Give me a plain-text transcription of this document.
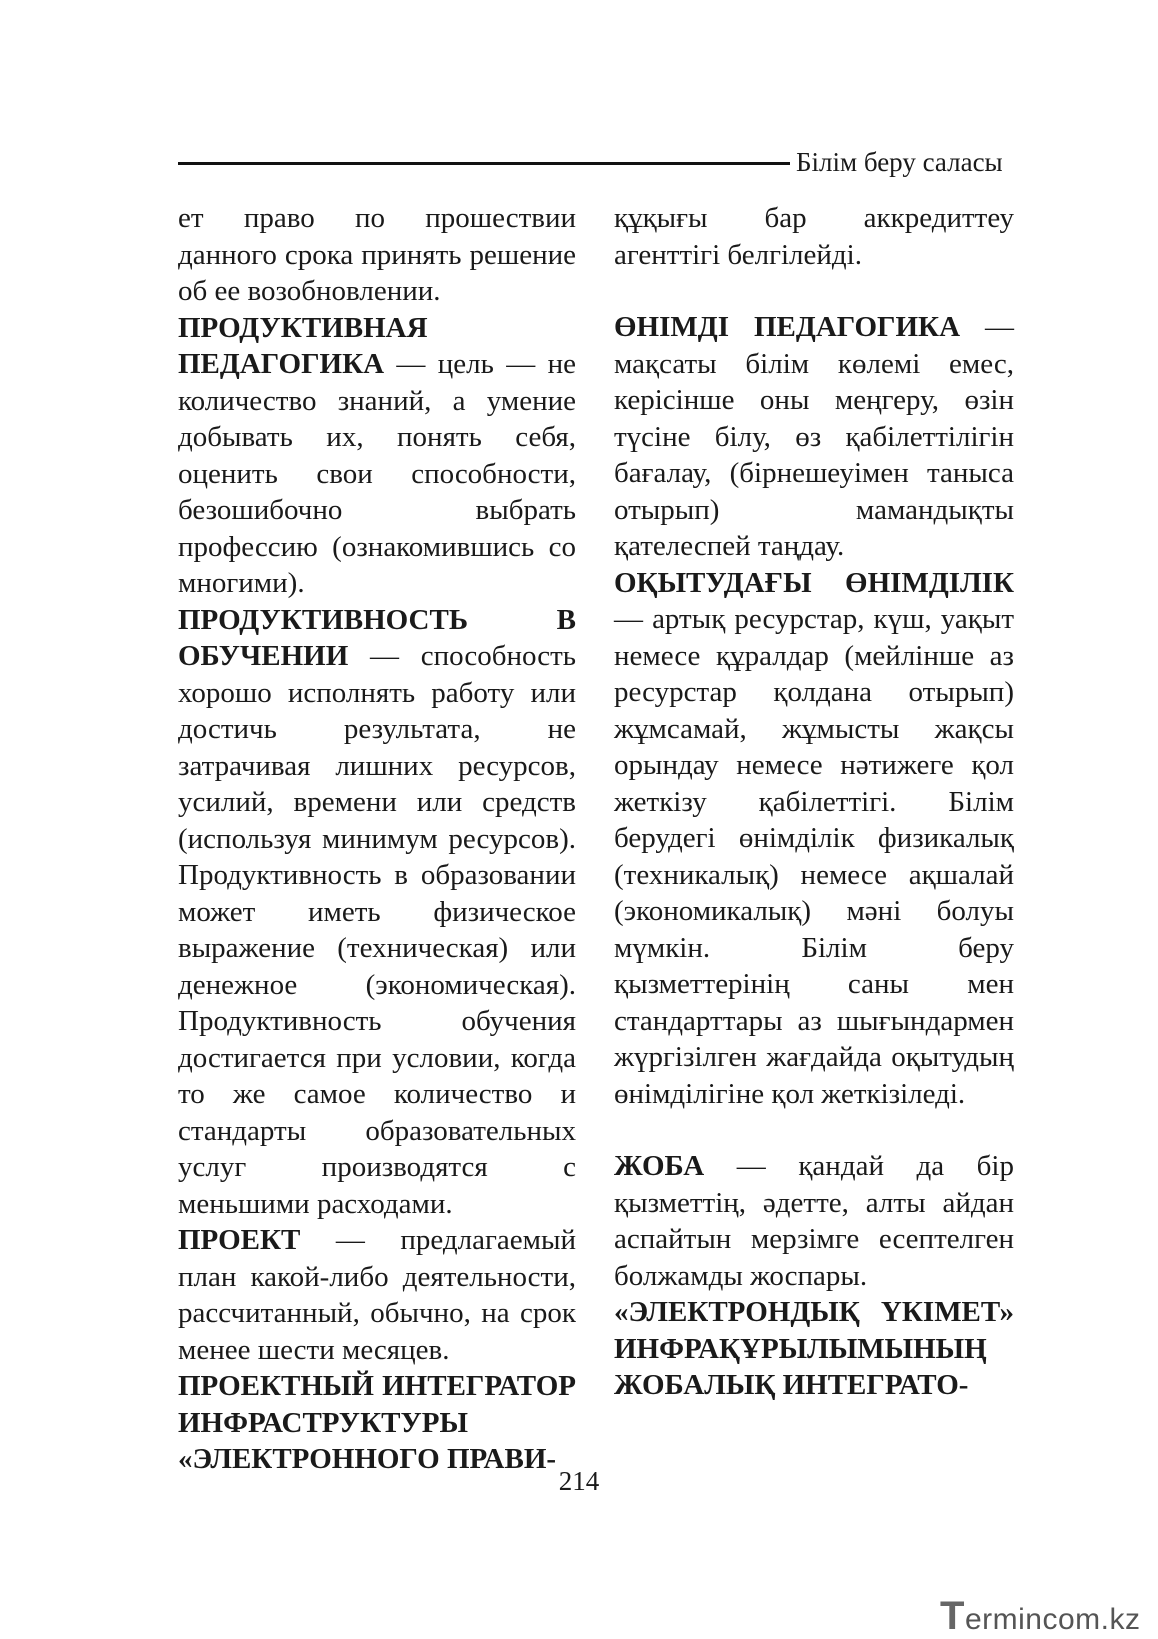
Білім беру саласы

ет право по прошествии данного срока принять решение об ее возобновлении.

ПРОДУКТИВНАЯ ПЕДАГОГИКА — цель — не количество знаний, а умение добывать их, понять себя, оценить свои способности, безошибочно выбрать профессию (ознакомившись со многими).

ПРОДУКТИВНОСТЬ В ОБУЧЕНИИ — способность хорошо исполнять работу или достичь результата, не затрачивая лишних ресурсов, усилий, времени или средств (используя минимум ресурсов). Продуктивность в образовании может иметь физическое выражение (техническая) или денежное (экономическая). Продуктивность обучения достигается при условии, когда то же самое количество и стандарты образовательных услуг производятся с меньшими расходами.

ПРОЕКТ — предлагаемый план какой-либо деятельности, рассчитанный, обычно, на срок менее шести месяцев.

ПРОЕКТНЫЙ ИНТЕГРАТОР ИНФРАСТРУКТУРЫ «ЭЛЕКТРОННОГО ПРАВИ-

құқығы бар аккредиттеу агенттігі белгілейді.

ӨНІМДІ ПЕДАГОГИКА — мақсаты білім көлемі емес, керісінше оны меңгеру, өзін түсіне білу, өз қабілеттілігін бағалау, (бірнешеуімен таныса отырып) мамандықты қателеспей таңдау.

ОҚЫТУДАҒЫ ӨНІМДІЛІК — артық ресурстар, күш, уақыт немесе құралдар (мейлінше аз ресурстар қолдана отырып) жұмсамай, жұмысты жақсы орындау немесе нәтижеге қол жеткізу қабілеттігі. Білім берудегі өнімділік физикалық (техникалық) немесе ақшалай (экономикалық) мәні болуы мүмкін. Білім беру қызметтерінің саны мен стандарттары аз шығындармен жүргізілген жағдайда оқытудың өнімділігіне қол жеткізіледі.

ЖОБА — қандай да бір қызметтің, әдетте, алты айдан аспайтын мерзімге есептелген болжамды жоспары.

«ЭЛЕКТРОНДЫҚ ҮКІМЕТ» ИНФРАҚҰРЫЛЫМЫНЫҢ ЖОБАЛЫҚ ИНТЕГРАТО-

214
Termincom.kz
